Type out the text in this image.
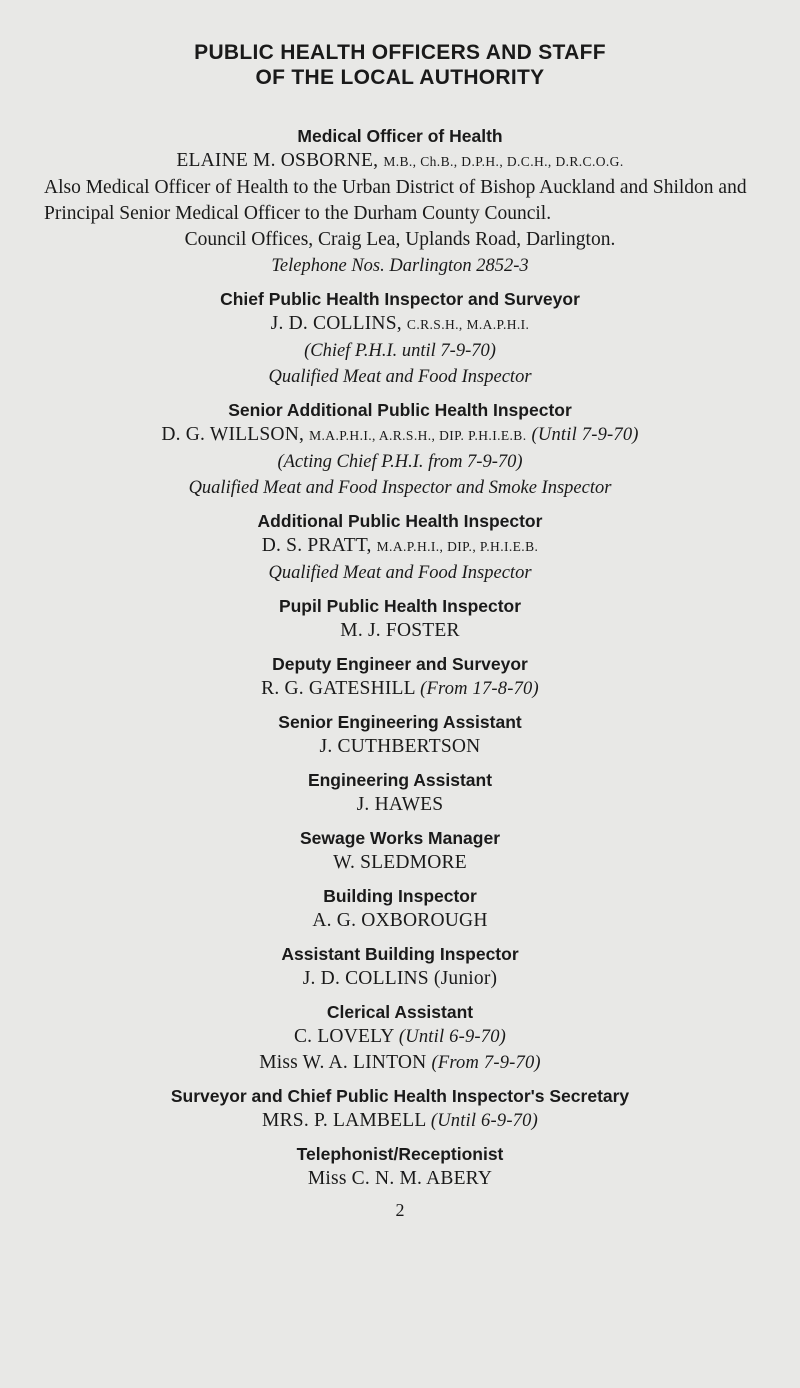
PUBLIC HEALTH OFFICERS AND STAFF
OF THE LOCAL AUTHORITY
Medical Officer of Health
ELAINE M. OSBORNE, M.B., Ch.B., D.P.H., D.C.H., D.R.C.O.G.
Also Medical Officer of Health to the Urban District of Bishop Auckland and Shildon and Principal Senior Medical Officer to the Durham County Council.
Council Offices, Craig Lea, Uplands Road, Darlington.
Telephone Nos. Darlington 2852-3
Chief Public Health Inspector and Surveyor
J. D. COLLINS, C.R.S.H., M.A.P.H.I.
(Chief P.H.I. until 7-9-70)
Qualified Meat and Food Inspector
Senior Additional Public Health Inspector
D. G. WILLSON, M.A.P.H.I., A.R.S.H., DIP. P.H.I.E.B. (Until 7-9-70)
(Acting Chief P.H.I. from 7-9-70)
Qualified Meat and Food Inspector and Smoke Inspector
Additional Public Health Inspector
D. S. PRATT, M.A.P.H.I., DIP., P.H.I.E.B.
Qualified Meat and Food Inspector
Pupil Public Health Inspector
M. J. FOSTER
Deputy Engineer and Surveyor
R. G. GATESHILL (From 17-8-70)
Senior Engineering Assistant
J. CUTHBERTSON
Engineering Assistant
J. HAWES
Sewage Works Manager
W. SLEDMORE
Building Inspector
A. G. OXBOROUGH
Assistant Building Inspector
J. D. COLLINS (Junior)
Clerical Assistant
C. LOVELY (Until 6-9-70)
Miss W. A. LINTON (From 7-9-70)
Surveyor and Chief Public Health Inspector's Secretary
MRS. P. LAMBELL (Until 6-9-70)
Telephonist/Receptionist
Miss C. N. M. ABERY
2
